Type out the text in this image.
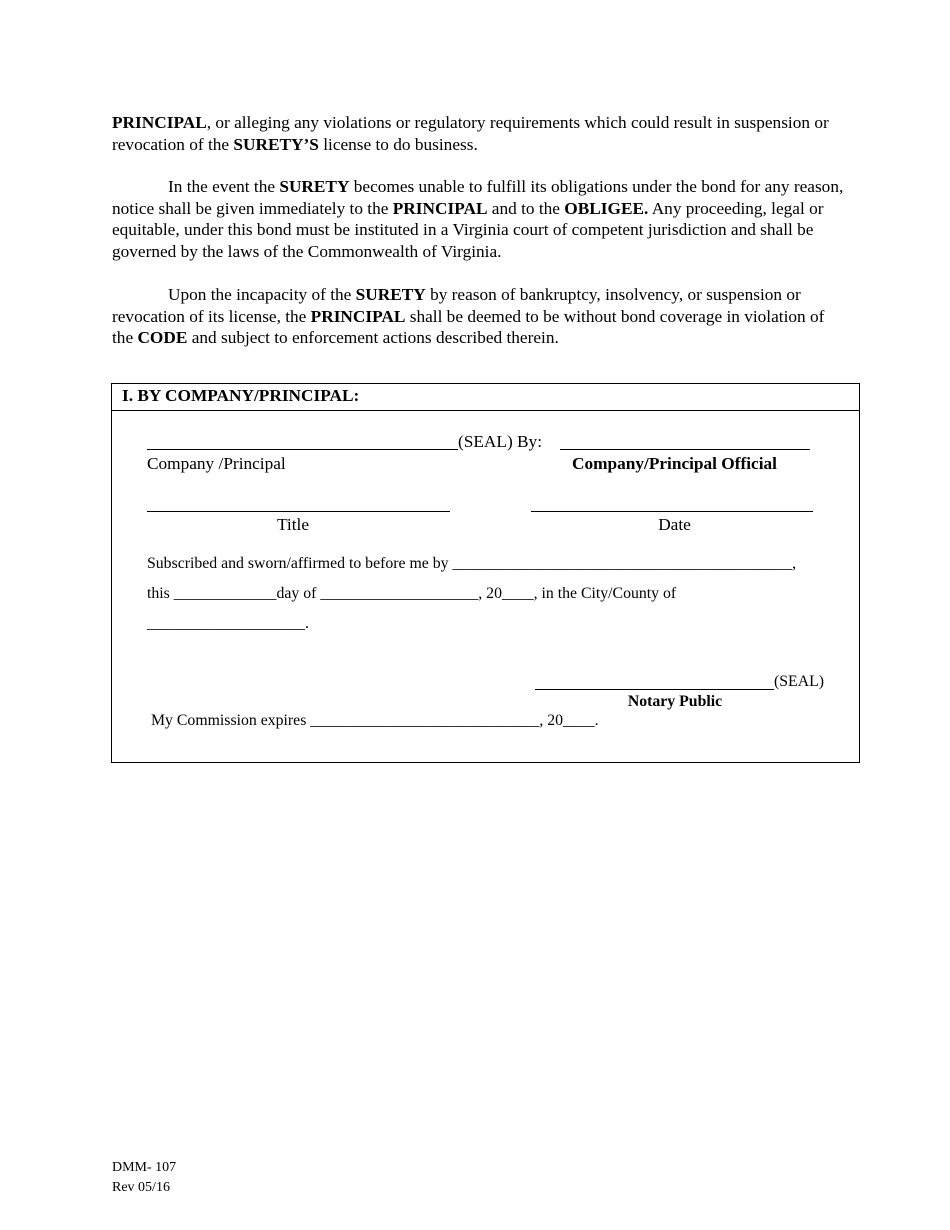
PRINCIPAL, or alleging any violations or regulatory requirements which could result in suspension or revocation of the SURETY’S license to do business.

In the event the SURETY becomes unable to fulfill its obligations under the bond for any reason, notice shall be given immediately to the PRINCIPAL and to the OBLIGEE. Any proceeding, legal or equitable, under this bond must be instituted in a Virginia court of competent jurisdiction and shall be governed by the laws of the Commonwealth of Virginia.

Upon the incapacity of the SURETY by reason of bankruptcy, insolvency, or suspension or revocation of its license, the PRINCIPAL shall be deemed to be without bond coverage in violation of the CODE and subject to enforcement actions described therein.

I. BY COMPANY/PRINCIPAL:
(SEAL) By:
Company /Principal	Company/Principal Official
Title	Date
Subscribed and sworn/affirmed to before me by ___________________________________________,
this _____________day of ____________________, 20____, in the City/County of
____________________.
(SEAL)
Notary Public
My Commission expires _____________________________, 20____.
DMM- 107
Rev 05/16
